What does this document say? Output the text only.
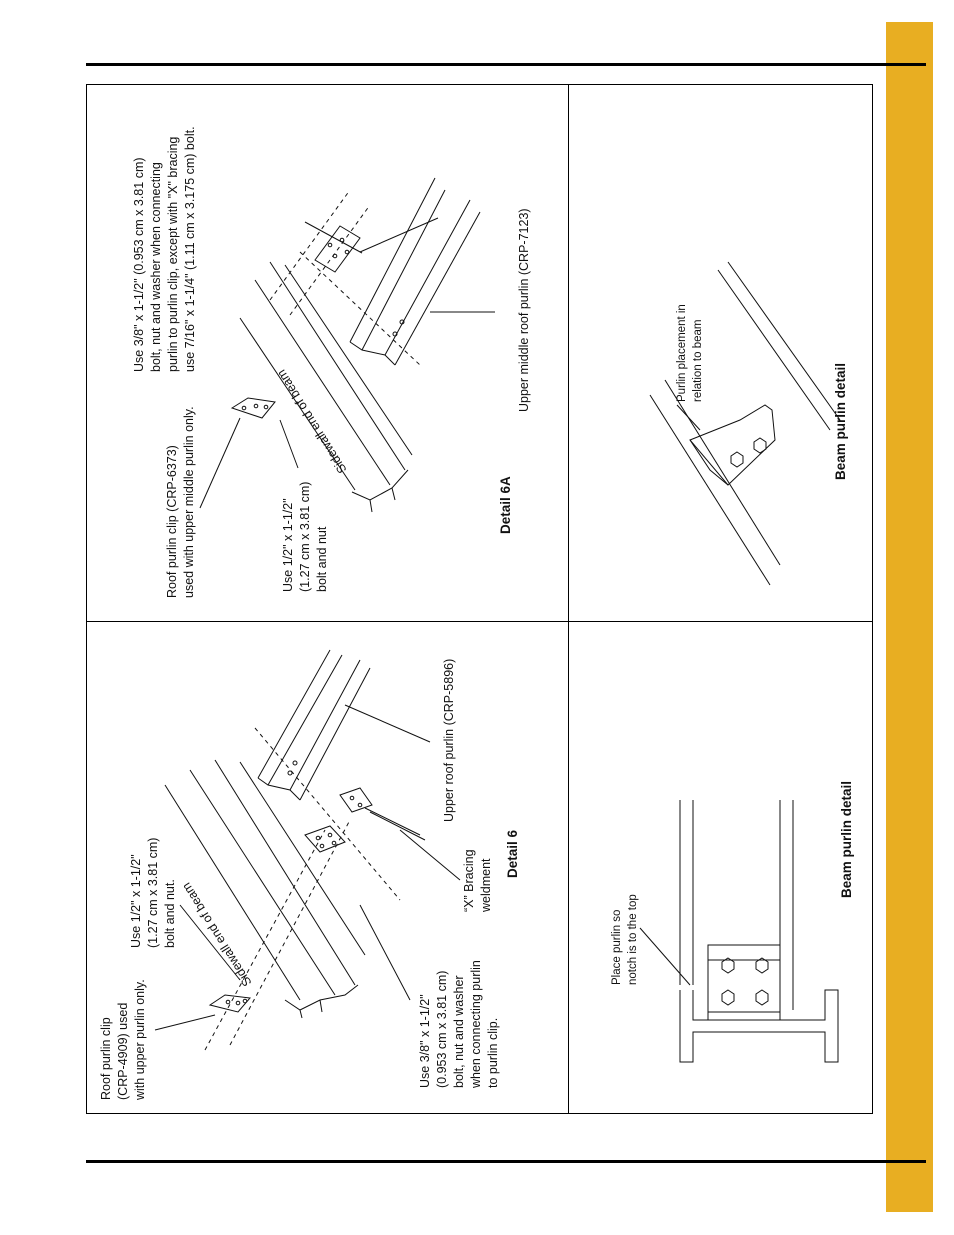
Roof purlin clip (CRP-4909) used with upper purlin only.
Use 1/2" x 1-1/2" (1.27 cm x 3.81 cm) bolt and nut. Sidewall end of beam
Use 3/8" x 1-1/2" (0.953 cm x 3.81 cm) bolt, nut and washer when connecting purlin to purlin clip.
“X” Bracing weldment
Upper roof purlin (CRP-5896)
Detail 6
Roof purlin clip (CRP-6373) used with upper middle purlin only.	Use 1/2" x 1-1/2" (1.27 cm x 3.81 cm) bolt and nut
Sidewall end of beam
Use 3/8" x 1-1/2" (0.953 cm x 3.81 cm) bolt, nut and washer when connecting purlin to purlin clip, except with "X" bracing use 7/16" x 1-1/4" (1.11 cm x 3.175 cm) bolt.	Upper middle roof purlin (CRP-7123)
Detail 6A
Place purlin so notch is to the top
Beam purlin detail
Purlin placement in relation to beam
Beam purlin detail
